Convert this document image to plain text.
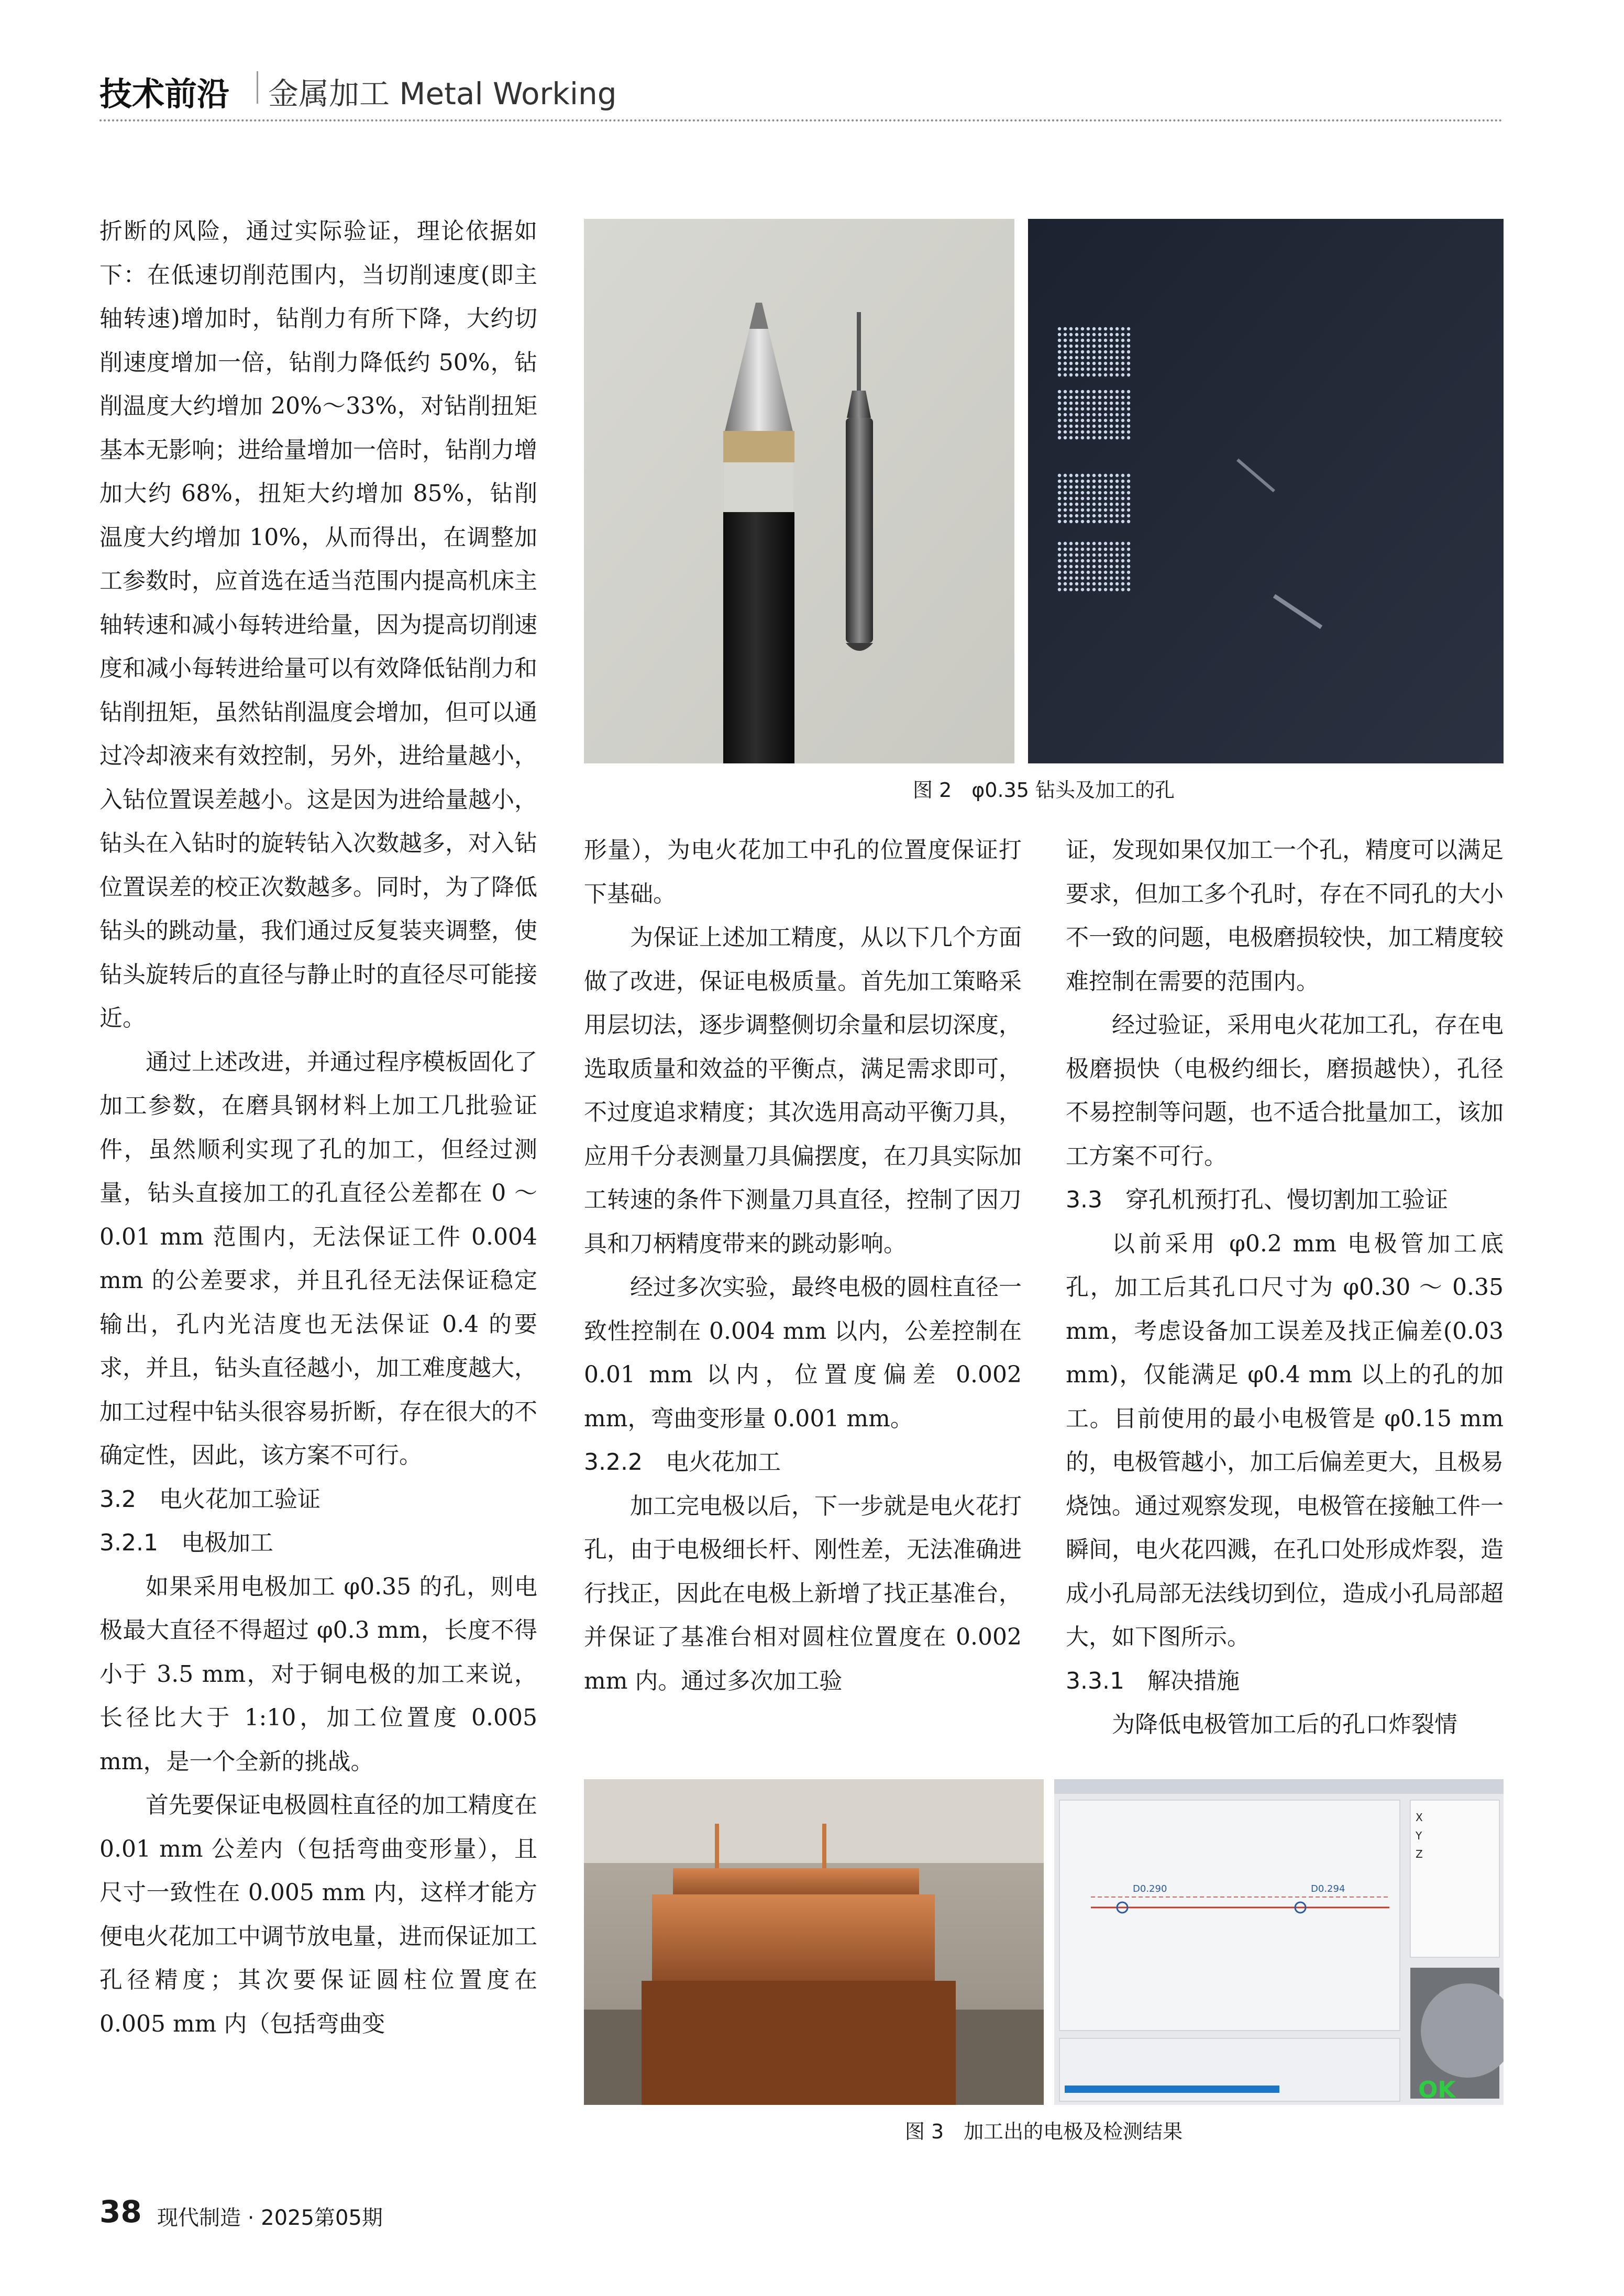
技术前沿 金属加工 Metal Working

折断的风险，通过实际验证，理论依据如下：在低速切削范围内，当切削速度(即主轴转速)增加时，钻削力有所下降，大约切削速度增加一倍，钻削力降低约 50%，钻削温度大约增加 20%～33%，对钻削扭矩基本无影响；进给量增加一倍时，钻削力增加大约 68%，扭矩大约增加 85%，钻削温度大约增加 10%，从而得出，在调整加工参数时，应首选在适当范围内提高机床主轴转速和减小每转进给量，因为提高切削速度和减小每转进给量可以有效降低钻削力和钻削扭矩，虽然钻削温度会增加，但可以通过冷却液来有效控制，另外，进给量越小，入钻位置误差越小。这是因为进给量越小，钻头在入钻时的旋转钻入次数越多，对入钻位置误差的校正次数越多。同时，为了降低钻头的跳动量，我们通过反复装夹调整，使钻头旋转后的直径与静止时的直径尽可能接近。

通过上述改进，并通过程序模板固化了加工参数，在磨具钢材料上加工几批验证件，虽然顺利实现了孔的加工，但经过测量，钻头直接加工的孔直径公差都在 0 ～ 0.01 mm 范围内，无法保证工件 0.004 mm 的公差要求，并且孔径无法保证稳定输出，孔内光洁度也无法保证 0.4 的要求，并且，钻头直径越小，加工难度越大，加工过程中钻头很容易折断，存在很大的不确定性，因此，该方案不可行。

3.2　电火花加工验证
3.2.1　电极加工

如果采用电极加工 φ0.35 的孔，则电极最大直径不得超过 φ0.3 mm，长度不得小于 3.5 mm，对于铜电极的加工来说，长径比大于 1:10，加工位置度 0.005 mm，是一个全新的挑战。

首先要保证电极圆柱直径的加工精度在 0.01 mm 公差内（包括弯曲变形量），且尺寸一致性在 0.005 mm 内，这样才能方便电火花加工中调节放电量，进而保证加工孔径精度；其次要保证圆柱位置度在 0.005 mm 内（包括弯曲变

形量），为电火花加工中孔的位置度保证打下基础。

为保证上述加工精度，从以下几个方面做了改进，保证电极质量。首先加工策略采用层切法，逐步调整侧切余量和层切深度，选取质量和效益的平衡点，满足需求即可，不过度追求精度；其次选用高动平衡刀具，应用千分表测量刀具偏摆度，在刀具实际加工转速的条件下测量刀具直径，控制了因刀具和刀柄精度带来的跳动影响。

经过多次实验，最终电极的圆柱直径一致性控制在 0.004 mm 以内，公差控制在 0.01 mm 以内，位置度偏差 0.002 mm，弯曲变形量 0.001 mm。

3.2.2　电火花加工

加工完电极以后，下一步就是电火花打孔，由于电极细长杆、刚性差，无法准确进行找正，因此在电极上新增了找正基准台，并保证了基准台相对圆柱位置度在 0.002 mm 内。通过多次加工验

证，发现如果仅加工一个孔，精度可以满足要求，但加工多个孔时，存在不同孔的大小不一致的问题，电极磨损较快，加工精度较难控制在需要的范围内。

经过验证，采用电火花加工孔，存在电极磨损快（电极约细长，磨损越快），孔径不易控制等问题，也不适合批量加工，该加工方案不可行。

3.3　穿孔机预打孔、慢切割加工验证

以前采用 φ0.2 mm 电极管加工底孔，加工后其孔口尺寸为 φ0.30 ～ 0.35 mm，考虑设备加工误差及找正偏差(0.03 mm)，仅能满足 φ0.4 mm 以上的孔的加工。目前使用的最小电极管是 φ0.15 mm 的，电极管越小，加工后偏差更大，且极易烧蚀。通过观察发现，电极管在接触工件一瞬间，电火花四溅，在孔口处形成炸裂，造成小孔局部无法线切到位，造成小孔局部超大，如下图所示。

3.3.1　解决措施

为降低电极管加工后的孔口炸裂情

图 2　φ0.35 钻头及加工的孔
D0.290	D0.294
X
Y
Z
OK
图 3　加工出的电极及检测结果
38 现代制造 · 2025第05期
